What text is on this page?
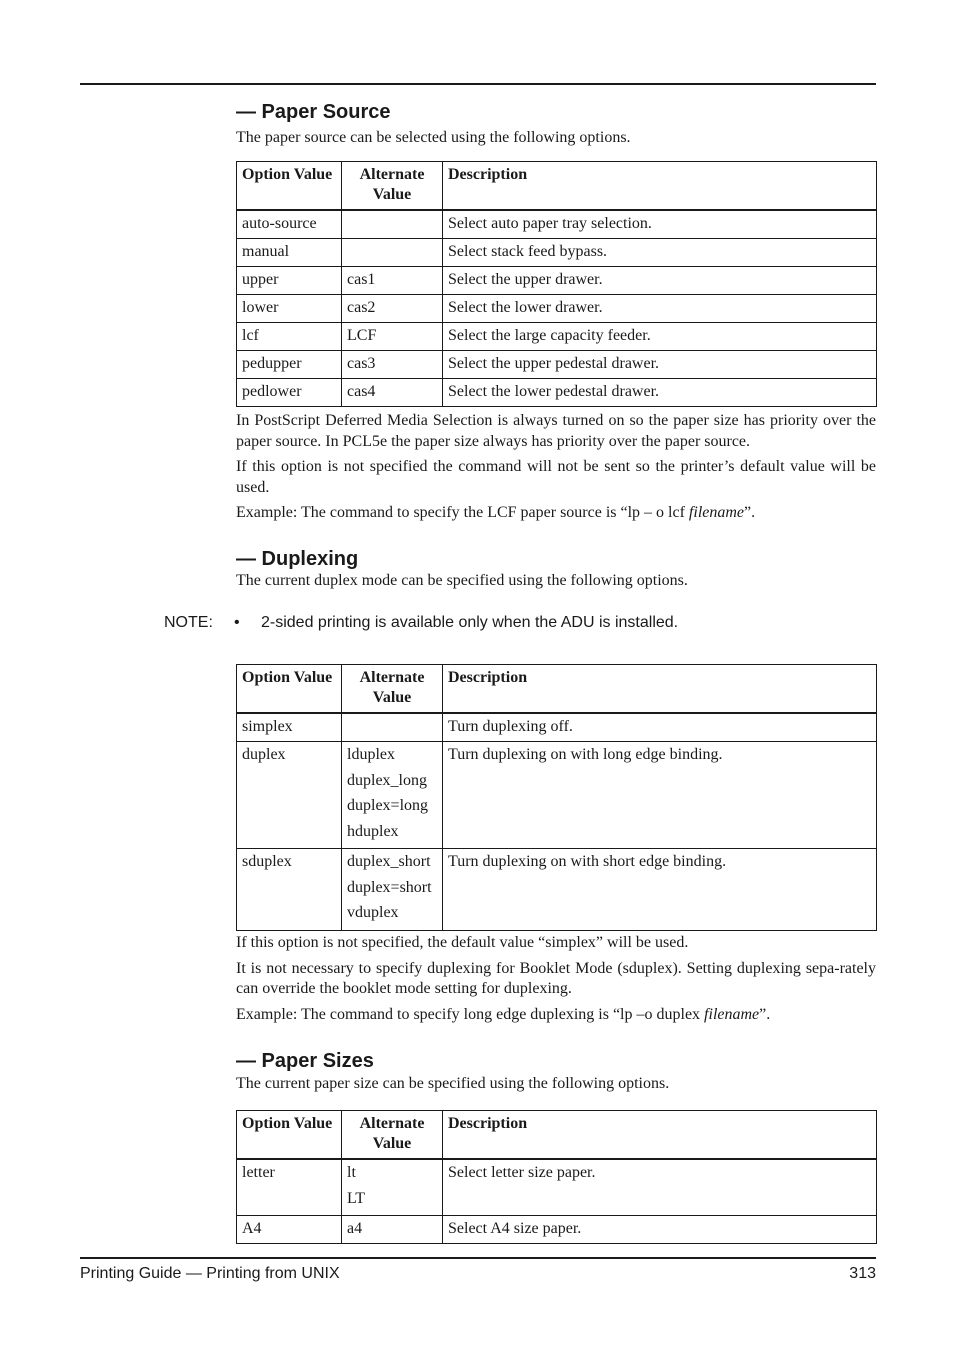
— Paper Source

The paper source can be selected using the following options.

Option Value	Alternate Value	Description

auto-source		Select auto paper tray selection.
manual		Select stack feed bypass.
upper	cas1	Select the upper drawer.
lower	cas2	Select the lower drawer.
lcf	LCF	Select the large capacity feeder.
pedupper	cas3	Select the upper pedestal drawer.
pedlower	cas4	Select the lower pedestal drawer.

In PostScript Deferred Media Selection is always turned on so the paper size has priority over the paper source. In PCL5e the paper size always has priority over the paper source.

If this option is not specified the command will not be sent so the printer’s default value will be used.

Example: The command to specify the LCF paper source is “lp – o lcf filename”.

— Duplexing

The current duplex mode can be specified using the following options.

NOTE: • 2-sided printing is available only when the ADU is installed.
Option Value	Alternate Value	Description

simplex		Turn duplexing off.

duplex	lduplex
duplex_long
duplex=long
hduplex	Turn duplexing on with long edge binding.

sduplex	duplex_short
duplex=short
vduplex	Turn duplexing on with short edge binding.

If this option is not specified, the default value “simplex” will be used.

It is not necessary to specify duplexing for Booklet Mode (sduplex). Setting duplexing sepa-rately can override the booklet mode setting for duplexing.

Example: The command to specify long edge duplexing is “lp –o duplex filename”.

— Paper Sizes

The current paper size can be specified using the following options.

Option Value	Alternate Value	Description

letter	lt
LT	Select letter size paper.

A4	a4	Select A4 size paper.
Printing Guide — Printing from UNIX	313
